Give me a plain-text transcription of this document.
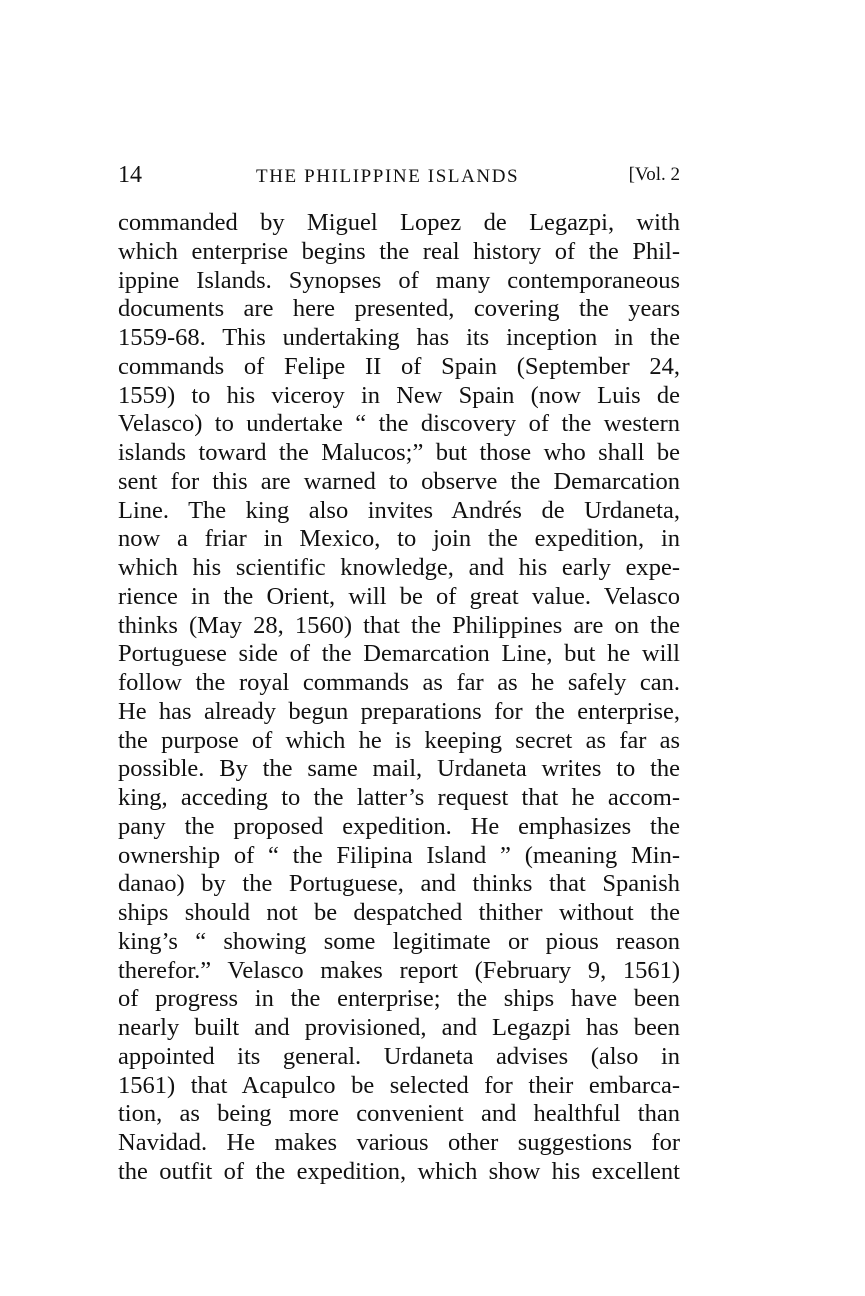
14	THE PHILIPPINE ISLANDS	[Vol. 2
commanded by Miguel Lopez de Legazpi, with
which enterprise begins the real history of the Phil-
ippine Islands. Synopses of many contemporaneous
documents are here presented, covering the years
1559-68. This undertaking has its inception in the
commands of Felipe II of Spain (September 24,
1559) to his viceroy in New Spain (now Luis de
Velasco) to undertake “ the discovery of the western
islands toward the Malucos;” but those who shall be
sent for this are warned to observe the Demarcation
Line. The king also invites Andrés de Urdaneta,
now a friar in Mexico, to join the expedition, in
which his scientific knowledge, and his early expe-
rience in the Orient, will be of great value. Velasco
thinks (May 28, 1560) that the Philippines are on the
Portuguese side of the Demarcation Line, but he will
follow the royal commands as far as he safely can.
He has already begun preparations for the enterprise,
the purpose of which he is keeping secret as far as
possible. By the same mail, Urdaneta writes to the
king, acceding to the latter’s request that he accom-
pany the proposed expedition. He emphasizes the
ownership of “ the Filipina Island ” (meaning Min-
danao) by the Portuguese, and thinks that Spanish
ships should not be despatched thither without the
king’s “ showing some legitimate or pious reason
therefor.” Velasco makes report (February 9, 1561)
of progress in the enterprise; the ships have been
nearly built and provisioned, and Legazpi has been
appointed its general. Urdaneta advises (also in
1561) that Acapulco be selected for their embarca-
tion, as being more convenient and healthful than
Navidad. He makes various other suggestions for
the outfit of the expedition, which show his excellent
